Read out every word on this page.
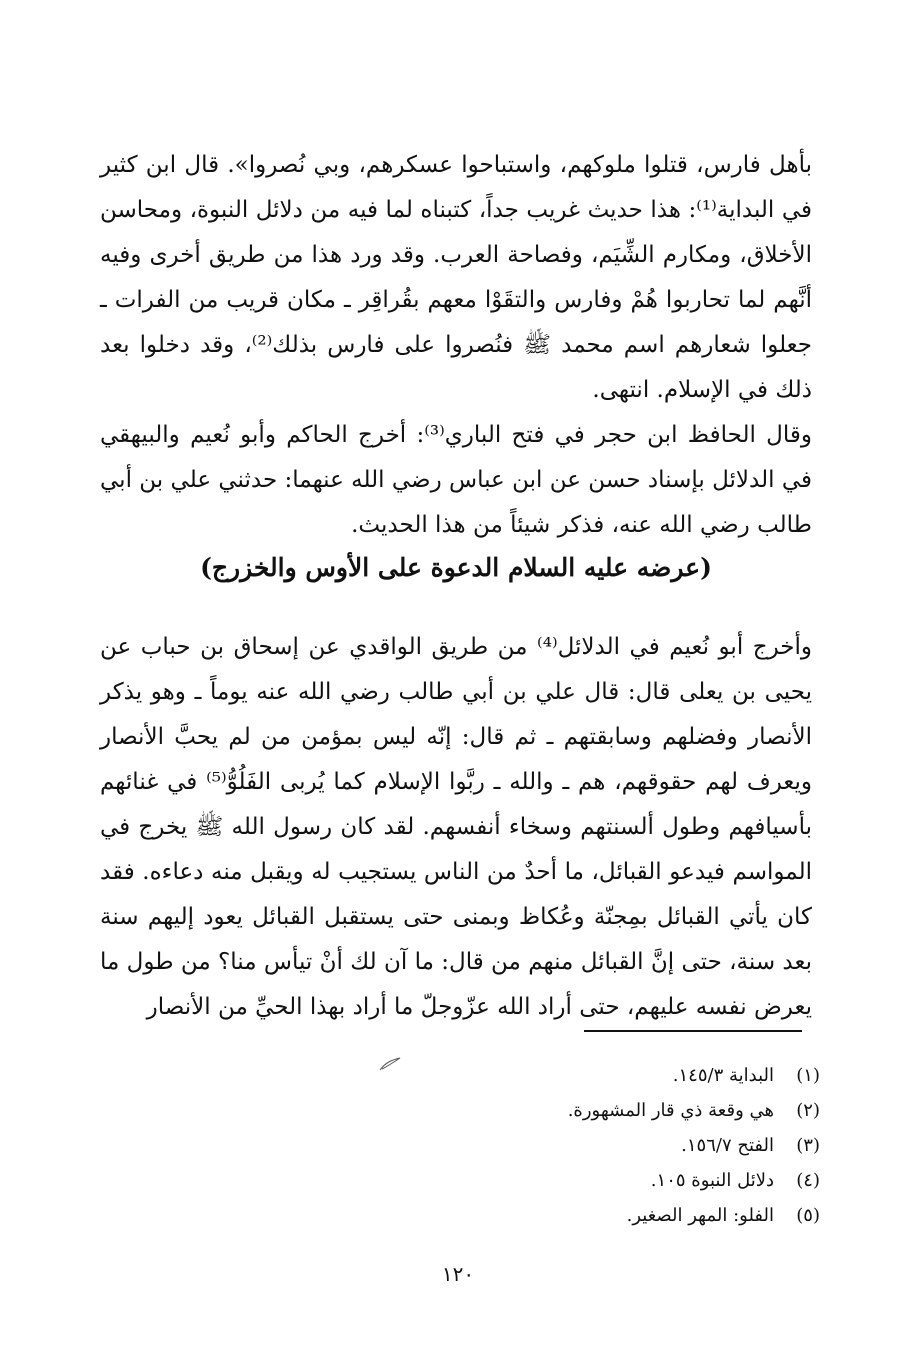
بأهل فارس، قتلوا ملوكهم، واستباحوا عسكرهم، وبي نُصروا». قال ابن كثير في البداية⁽¹⁾: هذا حديث غريب جداً، كتبناه لما فيه من دلائل النبوة، ومحاسن الأخلاق، ومكارم الشِّيَم، وفصاحة العرب. وقد ورد هذا من طريق أخرى وفيه أنَّهم لما تحاربوا هُمْ وفارس والتقَوْا معهم بقُراقِر ـ مكان قريب من الفرات ـ جعلوا شعارهم اسم محمد ﷺ فنُصروا على فارس بذلك⁽²⁾، وقد دخلوا بعد ذلك في الإسلام. انتهى.

وقال الحافظ ابن حجر في فتح الباري⁽³⁾: أخرج الحاكم وأبو نُعيم والبيهقي في الدلائل بإسناد حسن عن ابن عباس رضي الله عنهما: حدثني علي بن أبي طالب رضي الله عنه، فذكر شيئاً من هذا الحديث.

(عرضه عليه السلام الدعوة على الأوس والخزرج)

وأخرج أبو نُعيم في الدلائل⁽⁴⁾ من طريق الواقدي عن إسحاق بن حباب عن يحيى بن يعلى قال: قال علي بن أبي طالب رضي الله عنه يوماً ـ وهو يذكر الأنصار وفضلهم وسابقتهم ـ ثم قال: إنّه ليس بمؤمن من لم يحبَّ الأنصار ويعرف لهم حقوقهم، هم ـ والله ـ ربَّوا الإسلام كما يُربى الفَلُوُّ⁽⁵⁾ في غنائهم بأسيافهم وطول ألسنتهم وسخاء أنفسهم. لقد كان رسول الله ﷺ يخرج في المواسم فيدعو القبائل، ما أحدٌ من الناس يستجيب له ويقبل منه دعاءه. فقد كان يأتي القبائل بمِجنّة وعُكاظ وبمنى حتى يستقبل القبائل يعود إليهم سنة بعد سنة، حتى إنَّ القبائل منهم من قال: ما آن لك أنْ تيأس منا؟ من طول ما يعرض نفسه عليهم، حتى أراد الله عزّوجلّ ما أراد بهذا الحيِّ من الأنصار

(١)
البداية ١٤٥/٣.
(٢)
هي وقعة ذي قار المشهورة.
(٣)
الفتح ١٥٦/٧.
(٤)
دلائل النبوة ١٠٥.
(٥)
الفلو: المهر الصغير.
١٢٠
